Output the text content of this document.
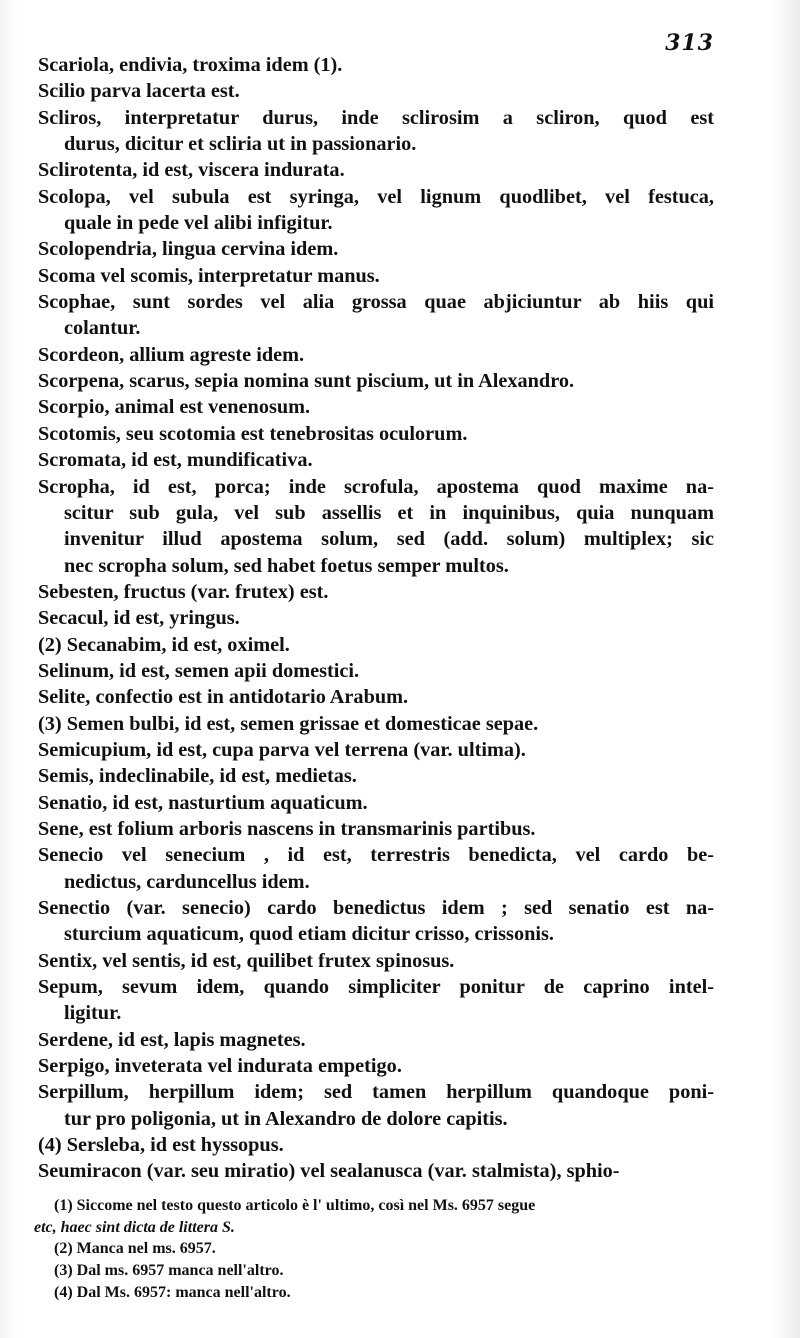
313
Scariola, endivia, troxima idem (1).
Scilio parva lacerta est.
Scliros, interpretatur durus, inde sclirosim a scliron, quod est
durus, dicitur et scliria ut in passionario.
Sclirotenta, id est, viscera indurata.
Scolopa, vel subula est syringa, vel lignum quodlibet, vel festuca,
quale in pede vel alibi infigitur.
Scolopendria, lingua cervina idem.
Scoma vel scomis, interpretatur manus.
Scophae, sunt sordes vel alia grossa quae abjiciuntur ab hiis qui
colantur.
Scordeon, allium agreste idem.
Scorpena, scarus, sepia nomina sunt piscium, ut in Alexandro.
Scorpio, animal est venenosum.
Scotomis, seu scotomia est tenebrositas oculorum.
Scromata, id est, mundificativa.
Scropha, id est, porca; inde scrofula, apostema quod maxime na-
scitur sub gula, vel sub assellis et in inquinibus, quia nunquam
invenitur illud apostema solum, sed (add. solum) multiplex; sic
nec scropha solum, sed habet foetus semper multos.
Sebesten, fructus (var. frutex) est.
Secacul, id est, yringus.
(2) Secanabim, id est, oximel.
Selinum, id est, semen apii domestici.
Selite, confectio est in antidotario Arabum.
(3) Semen bulbi, id est, semen grissae et domesticae sepae.
Semicupium, id est, cupa parva vel terrena (var. ultima).
Semis, indeclinabile, id est, medietas.
Senatio, id est, nasturtium aquaticum.
Sene, est folium arboris nascens in transmarinis partibus.
Senecio vel senecium , id est, terrestris benedicta, vel cardo be-
nedictus, carduncellus idem.
Senectio (var. senecio) cardo benedictus idem ; sed senatio est na-
sturcium aquaticum, quod etiam dicitur crisso, crissonis.
Sentix, vel sentis, id est, quilibet frutex spinosus.
Sepum, sevum idem, quando simpliciter ponitur de caprino intel-
ligitur.
Serdene, id est, lapis magnetes.
Serpigo, inveterata vel indurata empetigo.
Serpillum, herpillum idem; sed tamen herpillum quandoque poni-
tur pro poligonia, ut in Alexandro de dolore capitis.
(4) Sersleba, id est hyssopus.
Seumiracon (var. seu miratio) vel sealanusca (var. stalmista), sphio-
(1) Siccome nel testo questo articolo è l' ultimo, così nel Ms. 6957 segue
etc, haec sint dicta de littera S.
(2) Manca nel ms. 6957.
(3) Dal ms. 6957 manca nell'altro.
(4) Dal Ms. 6957: manca nell'altro.
